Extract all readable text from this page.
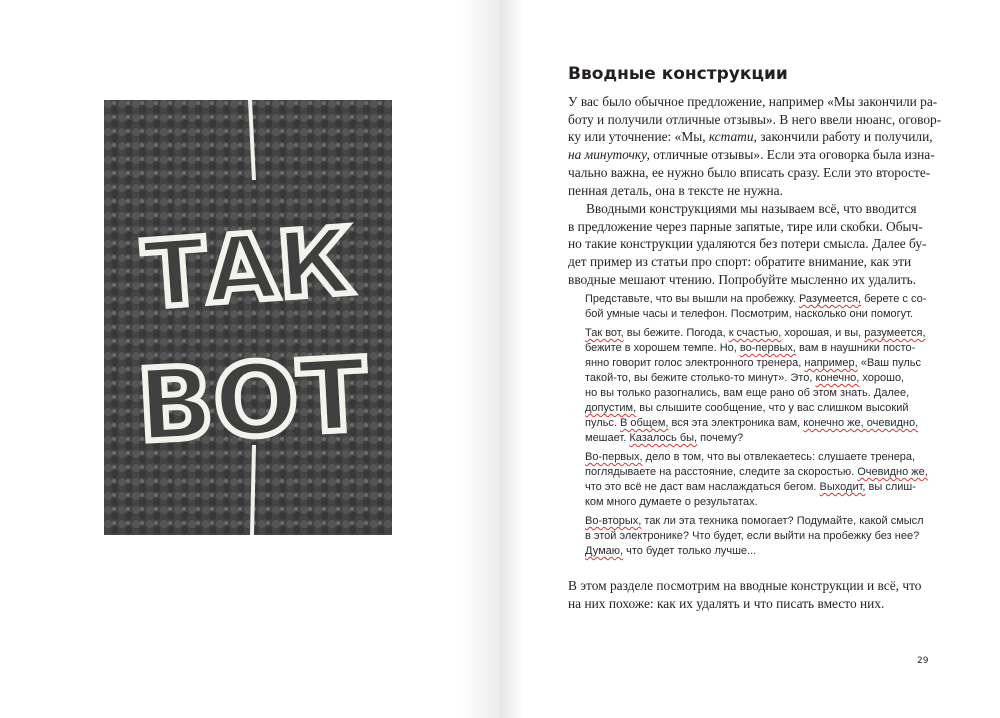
ТАК
ВОТ
Вводные конструкции
У вас было обычное предложение, например «Мы закончили ра-
боту и получили отличные отзывы». В него ввели нюанс, оговор-
ку или уточнение: «Мы, кстати, закончили работу и получили,
на минуточку, отличные отзывы». Если эта оговорка была изна-
чально важна, ее нужно было вписать сразу. Если это второсте-
пенная деталь, она в тексте не нужна.
Вводными конструкциями мы называем всё, что вводится
в предложение через парные запятые, тире или скобки. Обыч-
но такие конструкции удаляются без потери смысла. Далее бу-
дет пример из статьи про спорт: обратите внимание, как эти
вводные мешают чтению. Попробуйте мысленно их удалить.
Представьте, что вы вышли на пробежку. Разумеется, берете с со-
бой умные часы и телефон. Посмотрим, насколько они помогут.
Так вот, вы бежите. Погода, к счастью, хорошая, и вы, разумеется,
бежите в хорошем темпе. Но, во-первых, вам в наушники посто-
янно говорит голос электронного тренера, например, «Ваш пульс
такой-то, вы бежите столько-то минут». Это, конечно, хорошо,
но вы только разогнались, вам еще рано об этом знать. Далее,
допустим, вы слышите сообщение, что у вас слишком высокий
пульс. В общем, вся эта электроника вам, конечно же, очевидно,
мешает. Казалось бы, почему?
Во-первых, дело в том, что вы отвлекаетесь: слушаете тренера,
поглядываете на расстояние, следите за скоростью. Очевидно же,
что это всё не даст вам наслаждаться бегом. Выходит, вы слиш-
ком много думаете о результатах.
Во-вторых, так ли эта техника помогает? Подумайте, какой смысл
в этой электронике? Что будет, если выйти на пробежку без нее?
Думаю, что будет только лучше...
В этом разделе посмотрим на вводные конструкции и всё, что
на них похоже: как их удалять и что писать вместо них.
29
